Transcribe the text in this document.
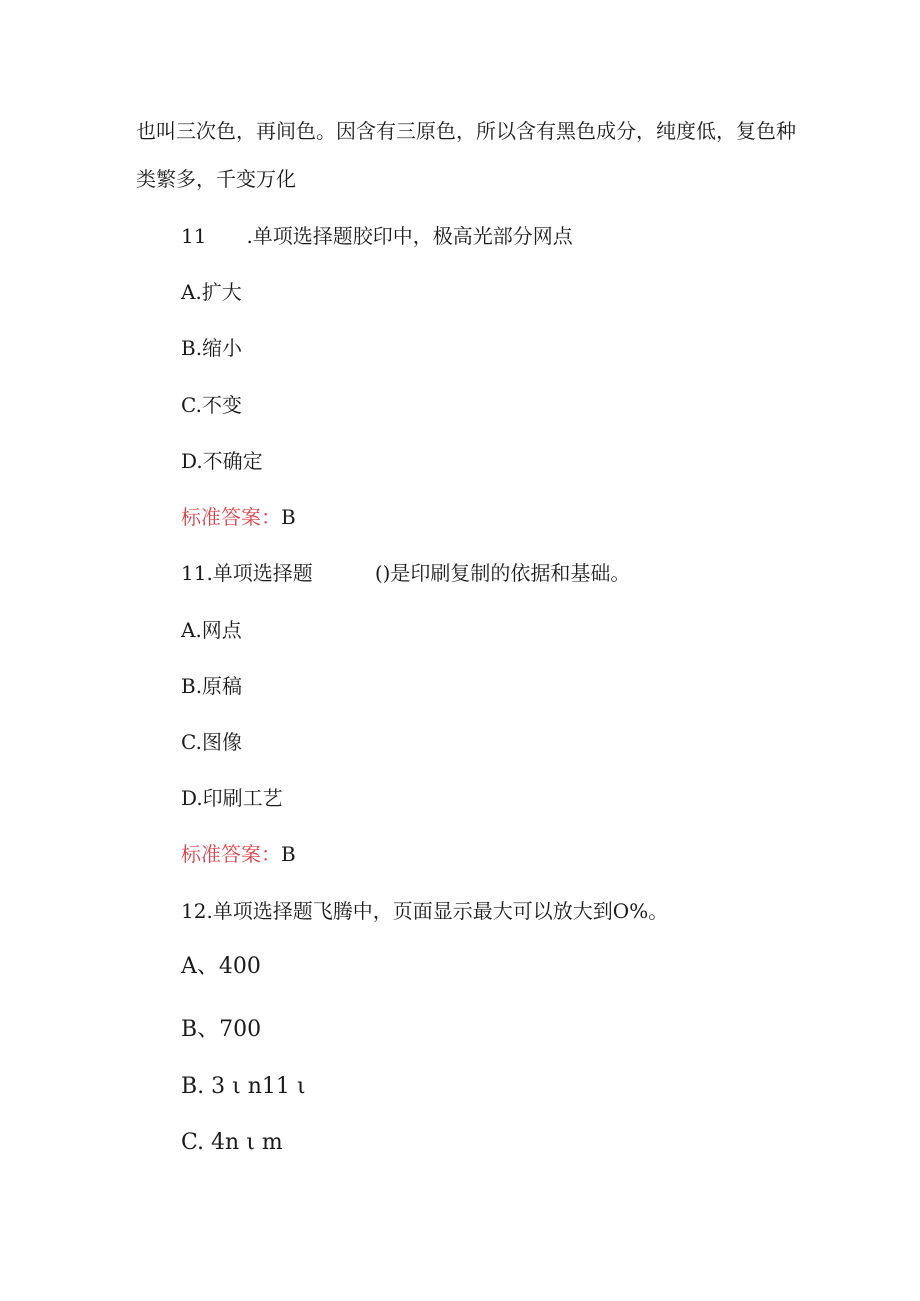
也叫三次色，再间色。因含有三原色，所以含有黑色成分，纯度低，复色种
类繁多，千变万化
11 .单项选择题胶印中，极高光部分网点
A.扩大
B.缩小
C.不变
D.不确定
标准答案：B
11.单项选择题	()是印刷复制的依据和基础。
A.网点
B.原稿
C.图像
D.印刷工艺
标准答案：B
12.单项选择题飞腾中，页面显示最大可以放大到O%。
A、400
B、700
B. 3 ι n11 ι
C. 4n ι m
